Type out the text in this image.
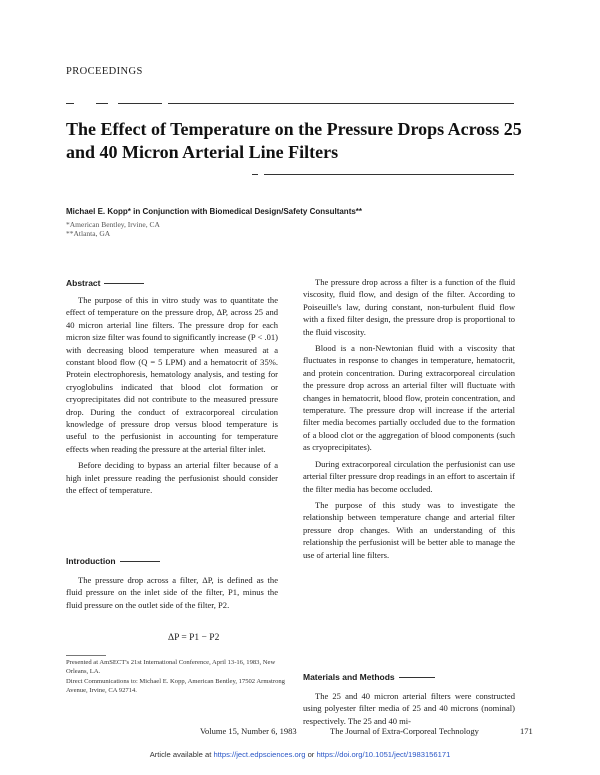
PROCEEDINGS
The Effect of Temperature on the Pressure Drops Across 25 and 40 Micron Arterial Line Filters
Michael E. Kopp* in Conjunction with Biomedical Design/Safety Consultants**
*American Bentley, Irvine, CA
**Atlanta, GA
Abstract

The purpose of this in vitro study was to quantitate the effect of temperature on the pressure drop, ΔP, across 25 and 40 micron arterial line filters. The pressure drop for each micron size filter was found to significantly increase (P < .01) with decreasing blood temperature when measured at a constant blood flow (Q = 5 LPM) and a hematocrit of 35%. Protein electrophoresis, hematology analysis, and testing for cryoglobulins indicated that blood clot formation or cryoprecipitates did not contribute to the measured pressure drop. During the conduct of extracorporeal circulation knowledge of pressure drop versus blood temperature is useful to the perfusionist in accounting for temperature effects when reading the pressure at the arterial filter inlet.

Before deciding to bypass an arterial filter because of a high inlet pressure reading the perfusionist should consider the effect of temperature.

Introduction

The pressure drop across a filter, ΔP, is defined as the fluid pressure on the inlet side of the filter, P1, minus the fluid pressure on the outlet side of the filter, P2.

ΔP = P1 − P2
Presented at AmSECT's 21st International Conference, April 13-16, 1983, New Orleans, LA.
Direct Communications to: Michael E. Kopp, American Bentley, 17502 Armstrong Avenue, Irvine, CA 92714.

The pressure drop across a filter is a function of the fluid viscosity, fluid flow, and design of the filter. According to Poiseuille's law, during constant, non-turbulent fluid flow with a fixed filter design, the pressure drop is proportional to the fluid viscosity.

Blood is a non-Newtonian fluid with a viscosity that fluctuates in response to changes in temperature, hematocrit, and protein concentration. During extracorporeal circulation the pressure drop across an arterial filter will fluctuate with changes in hematocrit, blood flow, protein concentration, and temperature. The pressure drop will increase if the arterial filter media becomes partially occluded due to the formation of a blood clot or the aggregation of blood components (such as cryoprecipitates).

During extracorporeal circulation the perfusionist can use arterial filter pressure drop readings in an effort to ascertain if the filter media has become occluded.

The purpose of this study was to investigate the relationship between temperature change and arterial filter pressure drop changes. With an understanding of this relationship the perfusionist will be better able to manage the use of arterial line filters.

Materials and Methods

The 25 and 40 micron arterial filters were constructed using polyester filter media of 25 and 40 microns (nominal) respectively. The 25 and 40 mi-

Volume 15, Number 6, 1983	The Journal of Extra-Corporeal Technology	171
Article available at https://ject.edpsciences.org or https://doi.org/10.1051/ject/1983156171
